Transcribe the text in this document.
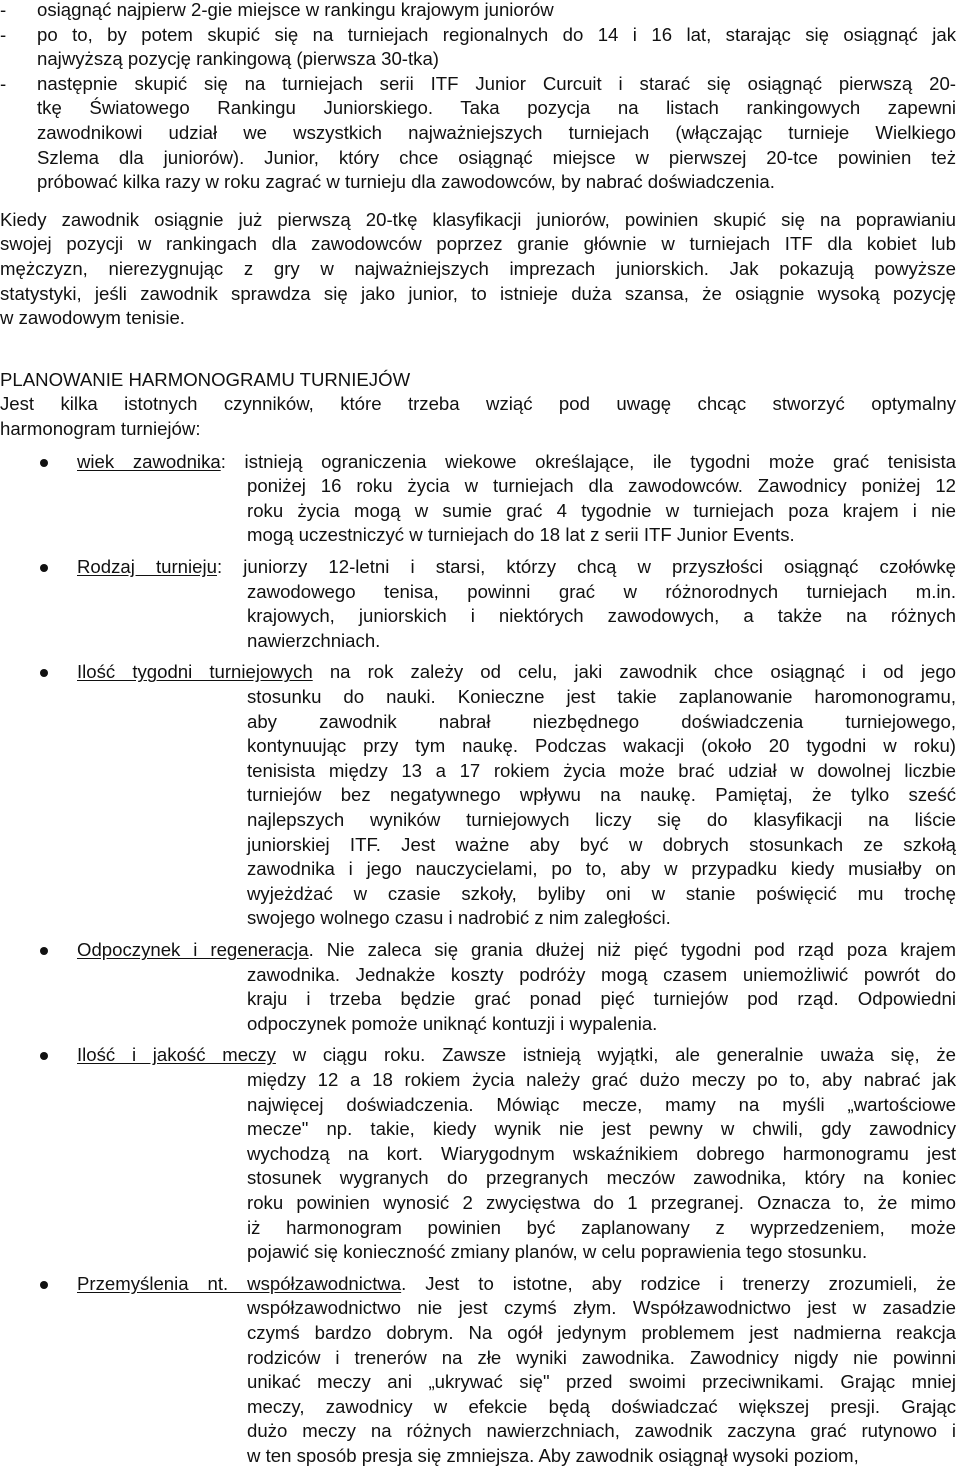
- osiągnąć najpierw 2-gie miejsce w rankingu krajowym juniorów
- po to, by potem skupić się na turniejach regionalnych do 14 i 16 lat, starając się osiągnąć jak
najwyższą pozycję rankingową (pierwsza 30-tka)
- następnie skupić się na turniejach serii ITF Junior Curcuit i starać się osiągnąć pierwszą 20-
tkę Światowego Rankingu Juniorskiego. Taka pozycja na listach rankingowych zapewni
zawodnikowi udział we wszystkich najważniejszych turniejach (włączając turnieje Wielkiego
Szlema dla juniorów). Junior, który chce osiągnąć miejsce w pierwszej 20-tce powinien też
próbować kilka razy w roku zagrać w turnieju dla zawodowców, by nabrać doświadczenia.
Kiedy zawodnik osiągnie już pierwszą 20-tkę klasyfikacji juniorów, powinien skupić się na poprawianiu
swojej pozycji w rankingach dla zawodowców poprzez granie głównie w turniejach ITF dla kobiet lub
mężczyzn, nierezygnując z gry w najważniejszych imprezach juniorskich. Jak pokazują powyższe
statystyki, jeśli zawodnik sprawdza się jako junior, to istnieje duża szansa, że osiągnie wysoką pozycję
w zawodowym tenisie.
PLANOWANIE HARMONOGRAMU TURNIEJÓW
Jest kilka istotnych czynników, które trzeba wziąć pod uwagę chcąc stworzyć optymalny
harmonogram turniejów:
wiek zawodnika: istnieją ograniczenia wiekowe określające, ile tygodni może grać tenisista
poniżej 16 roku życia w turniejach dla zawodowców. Zawodnicy poniżej 12
roku życia mogą w sumie grać 4 tygodnie w turniejach poza krajem i nie
mogą uczestniczyć w turniejach do 18 lat z serii ITF Junior Events.
Rodzaj turnieju: juniorzy 12-letni i starsi, którzy chcą w przyszłości osiągnąć czołówkę
zawodowego tenisa, powinni grać w różnorodnych turniejach m.in.
krajowych, juniorskich i niektórych zawodowych, a także na różnych
nawierzchniach.
Ilość tygodni turniejowych na rok zależy od celu, jaki zawodnik chce osiągnąć i od jego
stosunku do nauki. Konieczne jest takie zaplanowanie haromonogramu,
aby zawodnik nabrał niezbędnego doświadczenia turniejowego,
kontynuując przy tym naukę. Podczas wakacji (około 20 tygodni w roku)
tenisista między 13 a 17 rokiem życia może brać udział w dowolnej liczbie
turniejów bez negatywnego wpływu na naukę. Pamiętaj, że tylko sześć
najlepszych wyników turniejowych liczy się do klasyfikacji na liście
juniorskiej ITF. Jest ważne aby być w dobrych stosunkach ze szkołą
zawodnika i jego nauczycielami, po to, aby w przypadku kiedy musiałby on
wyjeżdżać w czasie szkoły, byliby oni w stanie poświęcić mu trochę
swojego wolnego czasu i nadrobić z nim zaległości.
Odpoczynek i regeneracja. Nie zaleca się grania dłużej niż pięć tygodni pod rząd poza krajem
zawodnika. Jednakże koszty podróży mogą czasem uniemożliwić powrót do
kraju i trzeba będzie grać ponad pięć turniejów pod rząd. Odpowiedni
odpoczynek pomoże uniknąć kontuzji i wypalenia.
Ilość i jakość meczy w ciągu roku. Zawsze istnieją wyjątki, ale generalnie uważa się, że
między 12 a 18 rokiem życia należy grać dużo meczy po to, aby nabrać jak
najwięcej doświadczenia. Mówiąc mecze, mamy na myśli „wartościowe
mecze" np. takie, kiedy wynik nie jest pewny w chwili, gdy zawodnicy
wychodzą na kort. Wiarygodnym wskaźnikiem dobrego harmonogramu jest
stosunek wygranych do przegranych meczów zawodnika, który na koniec
roku powinien wynosić 2 zwycięstwa do 1 przegranej. Oznacza to, że mimo
iż harmonogram powinien być zaplanowany z wyprzedzeniem, może
pojawić się konieczność zmiany planów, w celu poprawienia tego stosunku.
Przemyślenia nt. współzawodnictwa. Jest to istotne, aby rodzice i trenerzy zrozumieli, że
współzawodnictwo nie jest czymś złym. Współzawodnictwo jest w zasadzie
czymś bardzo dobrym. Na ogół jedynym problemem jest nadmierna reakcja
rodziców i trenerów na złe wyniki zawodnika. Zawodnicy nigdy nie powinni
unikać meczy ani „ukrywać się" przed swoimi przeciwnikami. Grając mniej
meczy, zawodnicy w efekcie będą doświadczać większej presji. Grając
dużo meczy na różnych nawierzchniach, zawodnik zaczyna grać rutynowo i
w ten sposób presja się zmniejsza. Aby zawodnik osiągnął wysoki poziom,
